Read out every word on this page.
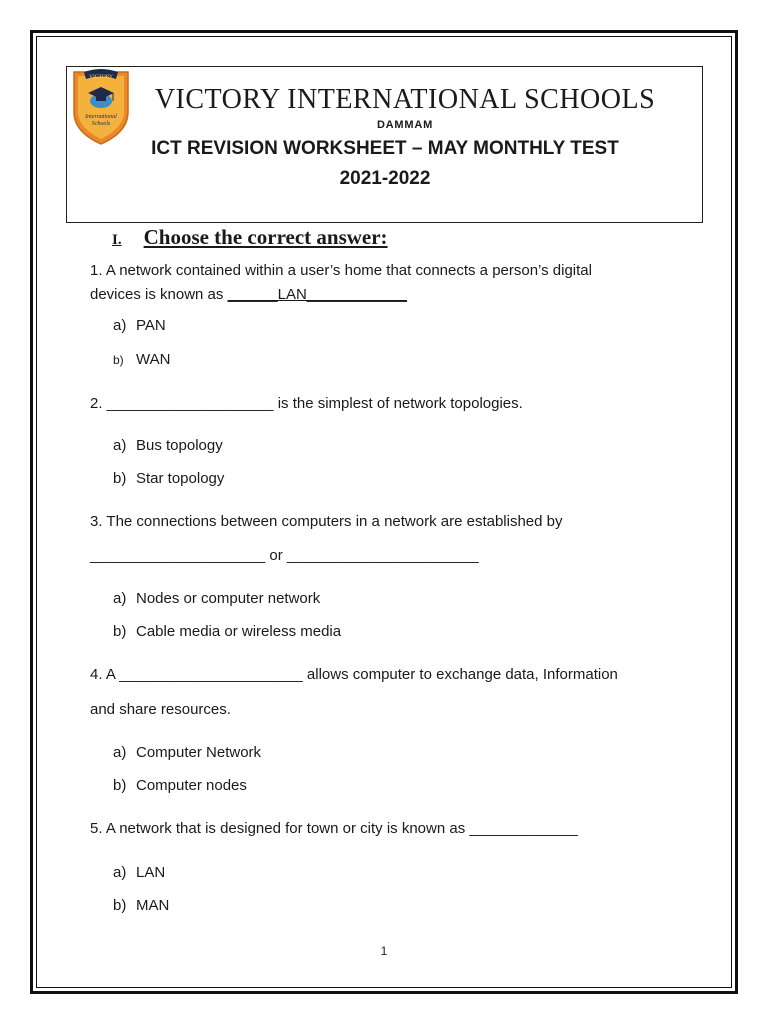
VICTORY
International
Schools
VICTORY INTERNATIONAL SCHOOLS
DAMMAM
ICT REVISION WORKSHEET – MAY MONTHLY TEST
2021-2022
I. Choose the correct answer:
1. A network contained within a user’s home that connects a person’s digital
devices is known as ______LAN____________
a) PAN
b) WAN
2. ____________________ is the simplest of network topologies.
a) Bus topology
b) Star topology
3. The connections between computers in a network are established by
_____________________ or _______________________
a) Nodes or computer network
b) Cable media or wireless media
4. A ______________________ allows computer to exchange data, Information
and share resources.
a) Computer Network
b) Computer nodes
5. A network that is designed for town or city is known as _____________
a) LAN
b) MAN
1
